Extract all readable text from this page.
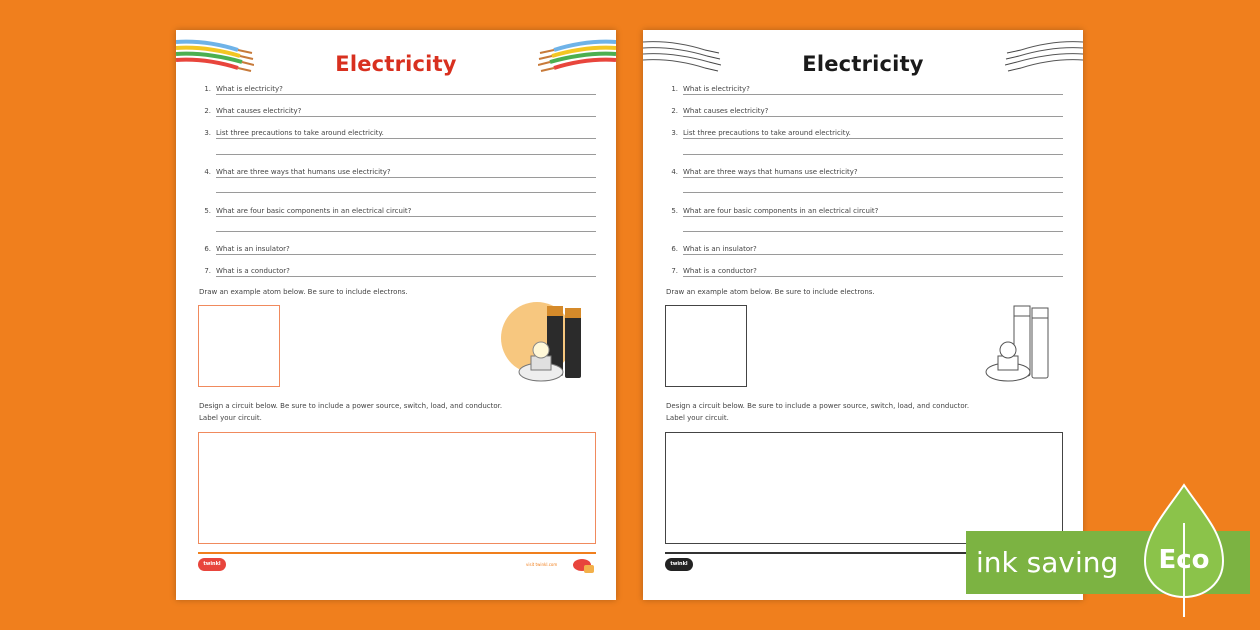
Electricity
1. What is electricity?
2. What causes electricity?
3. List three precautions to take around electricity.
4. What are three ways that humans use electricity?
5. What are four basic components in an electrical circuit?
6. What is an insulator?
7. What is a conductor?
Draw an example atom below. Be sure to include electrons.
Design a circuit below. Be sure to include a power source, switch, load, and conductor.
Label your circuit.
twinkl	visit twinkl.com
Electricity
1. What is electricity?
2. What causes electricity?
3. List three precautions to take around electricity.
4. What are three ways that humans use electricity?
5. What are four basic components in an electrical circuit?
6. What is an insulator?
7. What is a conductor?
Draw an example atom below. Be sure to include electrons.
Design a circuit below. Be sure to include a power source, switch, load, and conductor.
Label your circuit.
twinkl	ink saving	Eco
